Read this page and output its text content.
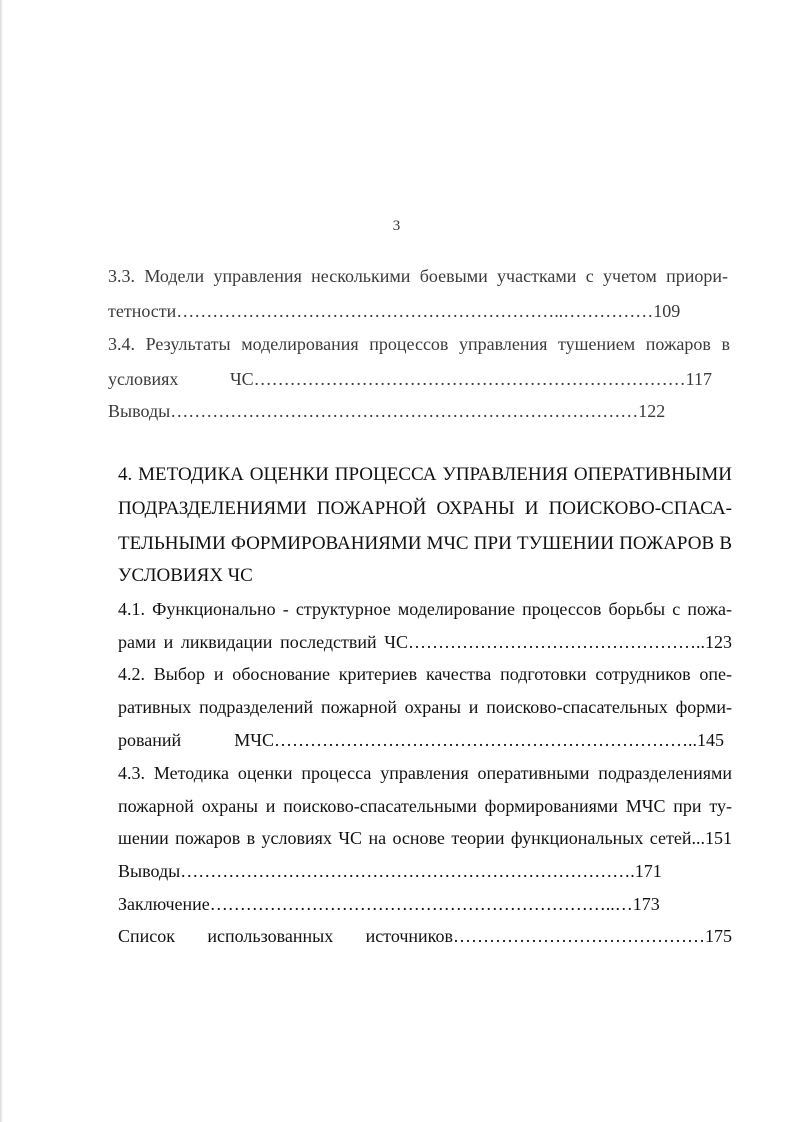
3
3.3. Модели управления несколькими боевыми участками с учетом приори-
тетности………………………………………………………..……………109
3.4. Результаты моделирования процессов управления тушением пожаров в
условиях ЧС………………………………………………………………117
Выводы……………………………………………………………………122
4. МЕТОДИКА ОЦЕНКИ ПРОЦЕССА УПРАВЛЕНИЯ ОПЕРАТИВНЫМИ
ПОДРАЗДЕЛЕНИЯМИ ПОЖАРНОЙ ОХРАНЫ И ПОИСКОВО-СПАСА-
ТЕЛЬНЫМИ ФОРМИРОВАНИЯМИ МЧС ПРИ ТУШЕНИИ ПОЖАРОВ В
УСЛОВИЯХ ЧС
4.1. Функционально - структурное моделирование процессов борьбы с пожа-
рами и ликвидации последствий ЧС…………………………………………..123
4.2. Выбор и обоснование критериев качества подготовки сотрудников опе-
ративных подразделений пожарной охраны и поисково-спасательных форми-
рований МЧС……………………………………………………………..145
4.3. Методика оценки процесса управления оперативными подразделениями
пожарной охраны и поисково-спасательными формированиями МЧС при ту-
шении пожаров в условиях ЧС на основе теории функциональных сетей...151
Выводы………………………………………………………………….171
Заключение…………………………………………………………..…173
Список использованных источников……………………………………175
